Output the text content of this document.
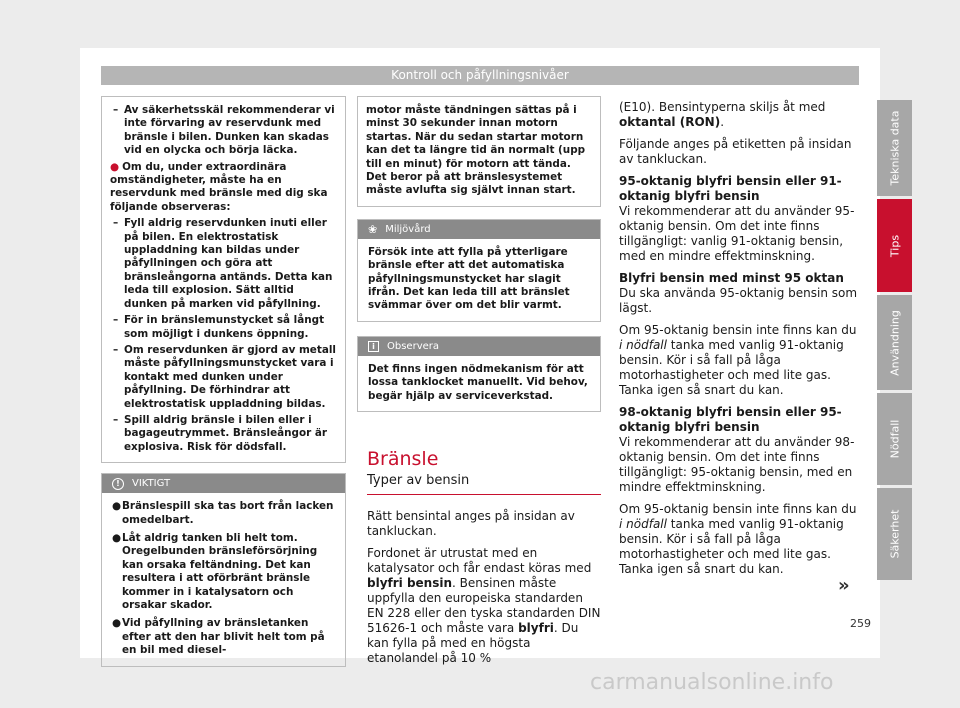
Kontroll och påfyllningsnivåer
– Av säkerhetsskäl rekommenderar vi inte förvaring av reservdunk med bränsle i bilen. Dunken kan skadas vid en olycka och börja läcka.
● Om du, under extraordinära omständigheter, måste ha en reservdunk med bränsle med dig ska följande observeras:
– Fyll aldrig reservdunken inuti eller på bilen. En elektrostatisk uppladdning kan bildas under påfyllningen och göra att bränsleångorna antänds. Detta kan leda till explosion. Sätt alltid dunken på marken vid påfyllning.
– För in bränslemunstycket så långt som möjligt i dunkens öppning.
– Om reservdunken är gjord av metall måste påfyllningsmunstycket vara i kontakt med dunken under påfyllning. De förhindrar att elektrostatisk uppladdning bildas.
– Spill aldrig bränsle i bilen eller i bagageutrymmet. Bränsleångor är explosiva. Risk för dödsfall.
!	VIKTIGT
● Bränslespill ska tas bort från lacken omedelbart.
● Låt aldrig tanken bli helt tom. Oregelbunden bränsleförsörjning kan orsaka feltändning. Det kan resultera i att oförbränt bränsle kommer in i katalysatorn och orsakar skador.
● Vid påfyllning av bränsletanken efter att den har blivit helt tom på en bil med diesel-

motor måste tändningen sättas på i minst 30 sekunder innan motorn startas. När du sedan startar motorn kan det ta längre tid än normalt (upp till en minut) för motorn att tända. Det beror på att bränslesystemet måste avlufta sig självt innan start.

❀ Miljövård

Försök inte att fylla på ytterligare bränsle efter att det automatiska påfyllningsmunstycket har slagit ifrån. Det kan leda till att bränslet svämmar över om det blir varmt.

i	Observera

Det finns ingen nödmekanism för att lossa tanklocket manuellt. Vid behov, begär hjälp av serviceverkstad.

Bränsle
Typer av bensin

Rätt bensintal anges på insidan av tankluckan.

Fordonet är utrustat med en katalysator och får endast köras med blyfri bensin. Bensinen måste uppfylla den europeiska standarden EN 228 eller den tyska standarden DIN 51626-1 och måste vara blyfri. Du kan fylla på med en högsta etanolandel på 10 %

(E10). Bensintyperna skiljs åt med oktantal (RON).

Följande anges på etiketten på insidan av tankluckan.

95-oktanig blyfri bensin eller 91-oktanig blyfri bensin

Vi rekommenderar att du använder 95-oktanig bensin. Om det inte finns tillgängligt: vanlig 91-oktanig bensin, med en mindre effektminskning.

Blyfri bensin med minst 95 oktan

Du ska använda 95-oktanig bensin som lägst.

Om 95-oktanig bensin inte finns kan du i nödfall tanka med vanlig 91-oktanig bensin. Kör i så fall på låga motorhastigheter och med lite gas. Tanka igen så snart du kan.

98-oktanig blyfri bensin eller 95-oktanig blyfri bensin

Vi rekommenderar att du använder 98-oktanig bensin. Om det inte finns tillgängligt: 95-oktanig bensin, med en mindre effektminskning.

Om 95-oktanig bensin inte finns kan du i nödfall tanka med vanlig 91-oktanig bensin. Kör i så fall på låga motorhastigheter och med lite gas. Tanka igen så snart du kan.

»
259
Tekniska data
Tips
Användning
Nödfall
Säkerhet
carmanualsonline.info
